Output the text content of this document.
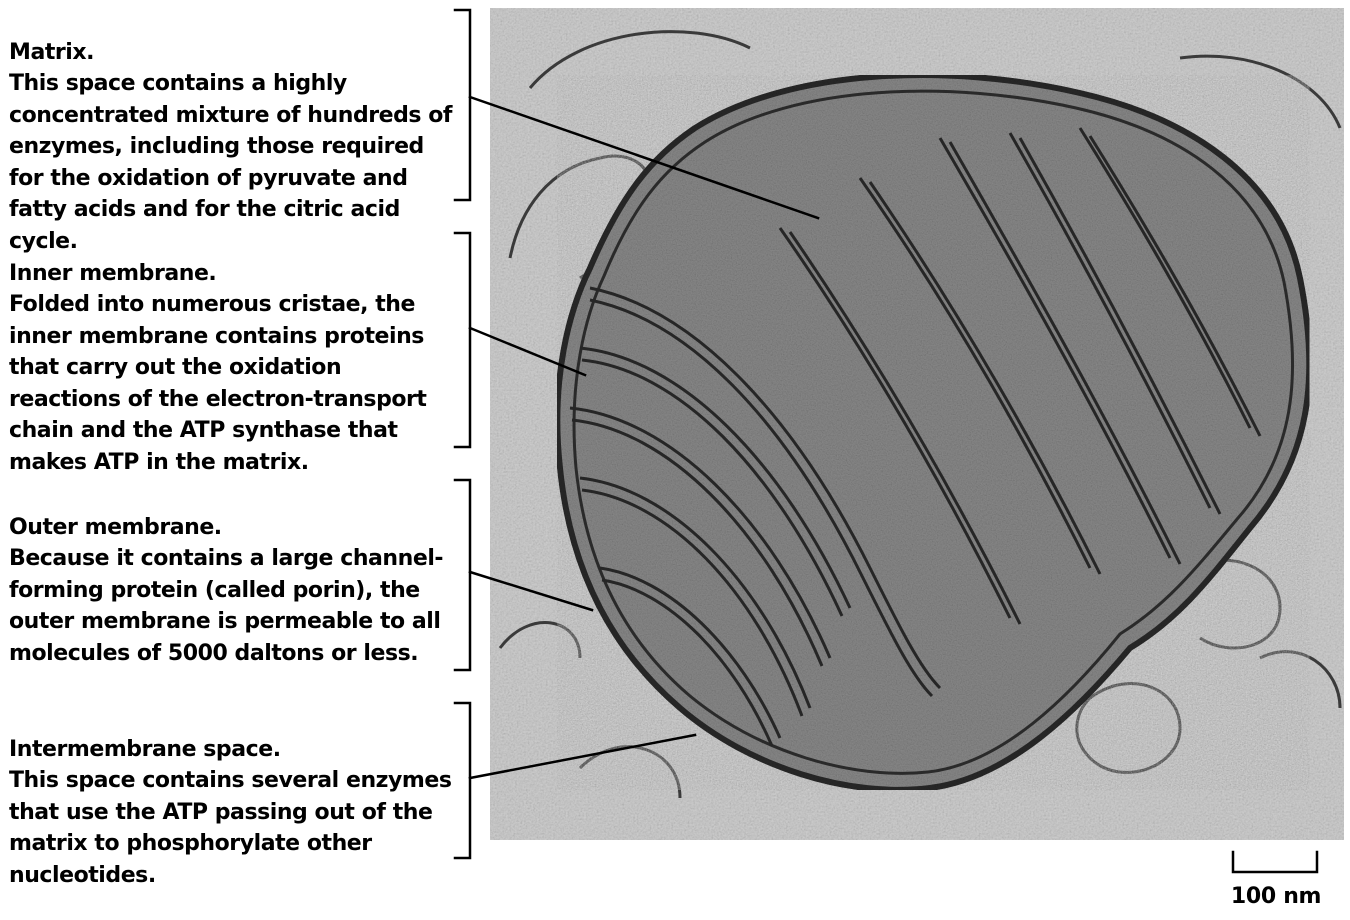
Matrix.
This space contains a highly concentrated mixture of hundreds of enzymes, including those required for the oxidation of pyruvate and fatty acids and for the citric acid cycle.

Inner membrane.
Folded into numerous cristae, the inner membrane contains proteins that carry out the oxidation reactions of the electron-transport chain and the ATP synthase that makes ATP in the matrix.

Outer membrane.
Because it contains a large channel-forming protein (called porin), the outer membrane is permeable to all molecules of 5000 daltons or less.

Intermembrane space.
This space contains several enzymes that use the ATP passing out of the matrix to phosphorylate other nucleotides.

100 nm
